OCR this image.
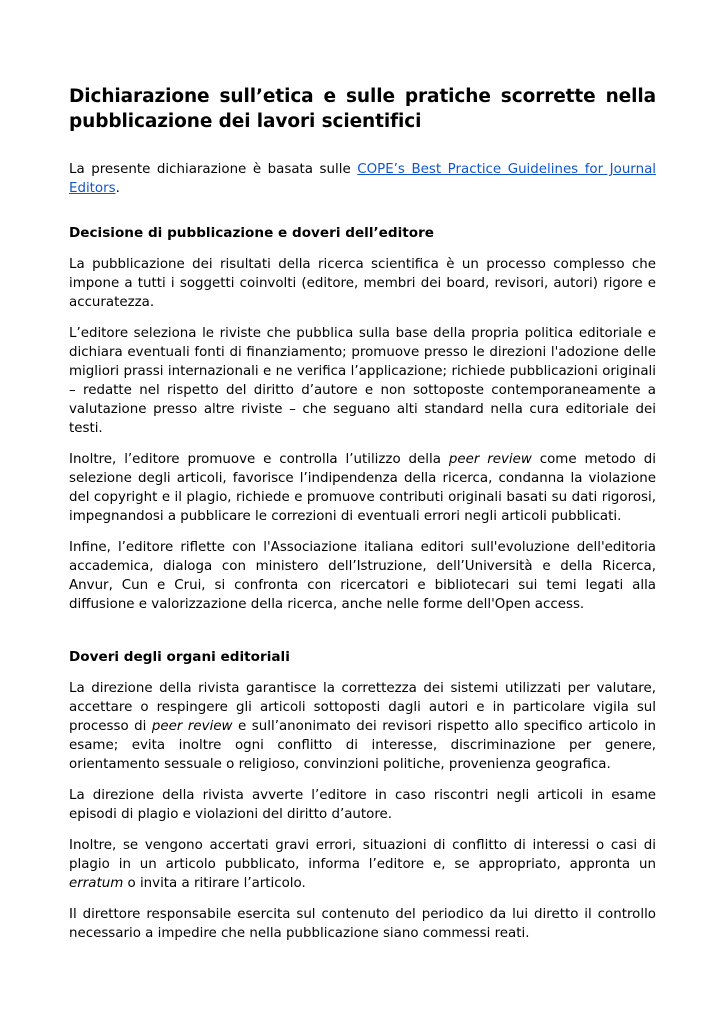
Dichiarazione sull’etica e sulle pratiche scorrette nella pubblicazione dei lavori scientifici

La presente dichiarazione è basata sulle COPE’s Best Practice Guidelines for Journal Editors.

Decisione di pubblicazione e doveri dell’editore

La pubblicazione dei risultati della ricerca scientifica è un processo complesso che impone a tutti i soggetti coinvolti (editore, membri dei board, revisori, autori) rigore e accuratezza.

L’editore seleziona le riviste che pubblica sulla base della propria politica editoriale e dichiara eventuali fonti di finanziamento; promuove presso le direzioni l'adozione delle migliori prassi internazionali e ne verifica l’applicazione; richiede pubblicazioni originali – redatte nel rispetto del diritto d’autore e non sottoposte contemporaneamente a valutazione presso altre riviste – che seguano alti standard nella cura editoriale dei testi.

Inoltre, l’editore promuove e controlla l’utilizzo della peer review come metodo di selezione degli articoli, favorisce l’indipendenza della ricerca, condanna la violazione del copyright e il plagio, richiede e promuove contributi originali basati su dati rigorosi, impegnandosi a pubblicare le correzioni di eventuali errori negli articoli pubblicati.

Infine, l’editore riflette con l'Associazione italiana editori sull'evoluzione dell'editoria accademica, dialoga con ministero dell’Istruzione, dell’Università e della Ricerca, Anvur, Cun e Crui, si confronta con ricercatori e bibliotecari sui temi legati alla diffusione e valorizzazione della ricerca, anche nelle forme dell'Open access.

Doveri degli organi editoriali

La direzione della rivista garantisce la correttezza dei sistemi utilizzati per valutare, accettare o respingere gli articoli sottoposti dagli autori e in particolare vigila sul processo di peer review e sull’anonimato dei revisori rispetto allo specifico articolo in esame; evita inoltre ogni conflitto di interesse, discriminazione per genere, orientamento sessuale o religioso, convinzioni politiche, provenienza geografica.

La direzione della rivista avverte l’editore in caso riscontri negli articoli in esame episodi di plagio e violazioni del diritto d’autore.

Inoltre, se vengono accertati gravi errori, situazioni di conflitto di interessi o casi di plagio in un articolo pubblicato, informa l’editore e, se appropriato, appronta un erratum o invita a ritirare l’articolo.

Il direttore responsabile esercita sul contenuto del periodico da lui diretto il controllo necessario a impedire che nella pubblicazione siano commessi reati.
